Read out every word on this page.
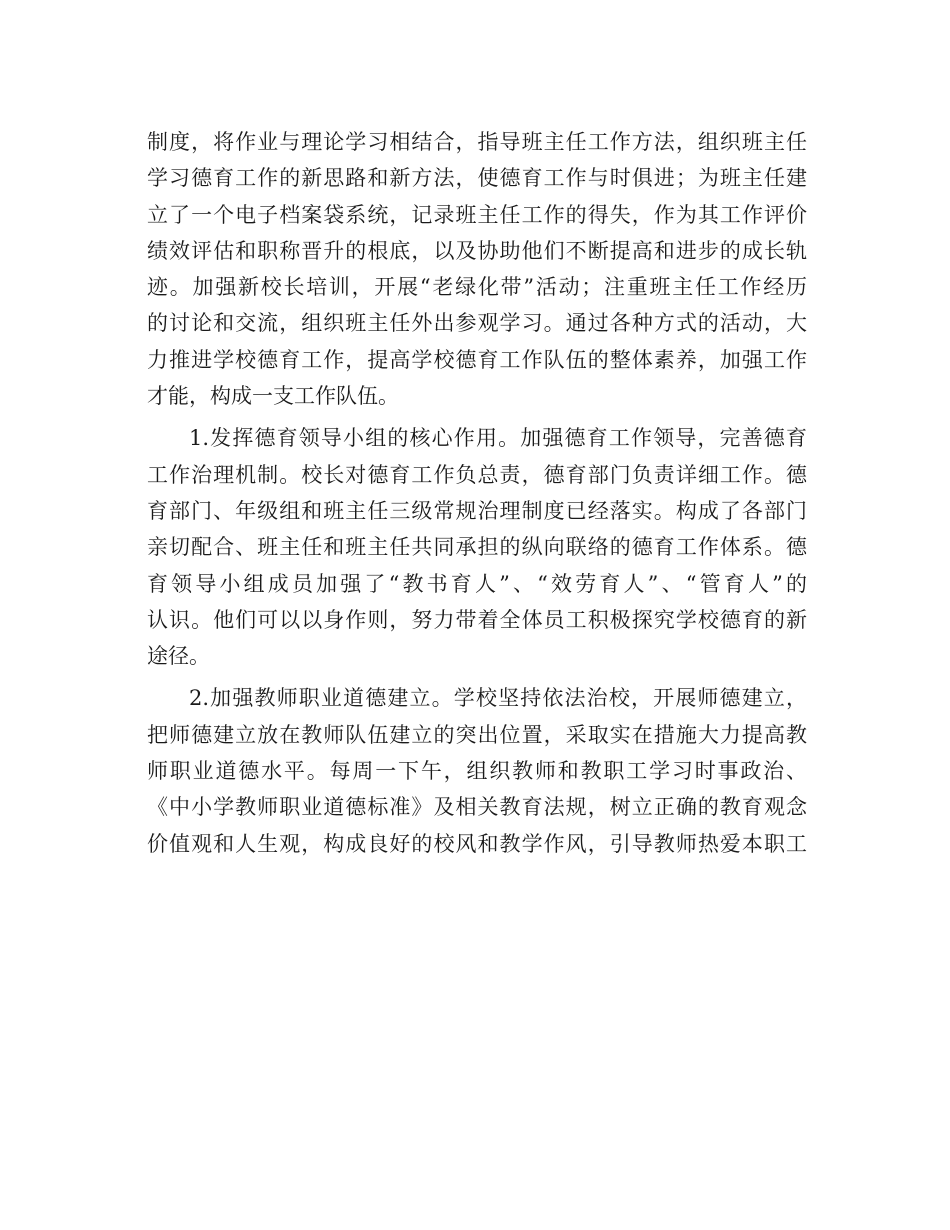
制度，将作业与理论学习相结合，指导班主任工作方法，组织班主任
学习德育工作的新思路和新方法，使德育工作与时俱进；为班主任建
立了一个电子档案袋系统，记录班主任工作的得失，作为其工作评价
绩效评估和职称晋升的根底，以及协助他们不断提高和进步的成长轨
迹。加强新校长培训，开展“老绿化带”活动；注重班主任工作经历
的讨论和交流，组织班主任外出参观学习。通过各种方式的活动，大
力推进学校德育工作，提高学校德育工作队伍的整体素养，加强工作
才能，构成一支工作队伍。
1.发挥德育领导小组的核心作用。加强德育工作领导，完善德育
工作治理机制。校长对德育工作负总责，德育部门负责详细工作。德
育部门、年级组和班主任三级常规治理制度已经落实。构成了各部门
亲切配合、班主任和班主任共同承担的纵向联络的德育工作体系。德
育领导小组成员加强了“教书育人”、“效劳育人”、“管育人”的
认识。他们可以以身作则，努力带着全体员工积极探究学校德育的新
途径。
2.加强教师职业道德建立。学校坚持依法治校，开展师德建立，
把师德建立放在教师队伍建立的突出位置，采取实在措施大力提高教
师职业道德水平。每周一下午，组织教师和教职工学习时事政治、
《中小学教师职业道德标准》及相关教育法规，树立正确的教育观念
价值观和人生观，构成良好的校风和教学作风，引导教师热爱本职工
